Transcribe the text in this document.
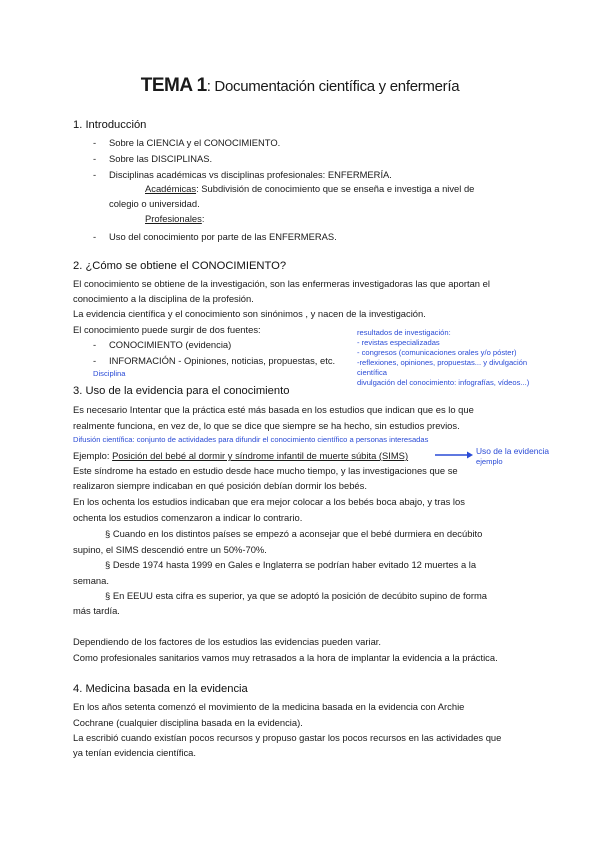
TEMA 1: Documentación científica y enfermería
1. Introducción
- Sobre la CIENCIA y el CONOCIMIENTO.
- Sobre las DISCIPLINAS.
- Disciplinas académicas vs disciplinas profesionales: ENFERMERÍA.
Académicas: Subdivisión de conocimiento que se enseña e investiga a nivel de
colegio o universidad.
Profesionales:
- Uso del conocimiento por parte de las ENFERMERAS.
2. ¿Cómo se obtiene el CONOCIMIENTO?
El conocimiento se obtiene de la investigación, son las enfermeras investigadoras las que aportan el
conocimiento a la disciplina de la profesión.
La evidencia científica y el conocimiento son sinónimos , y nacen de la investigación.
El conocimiento puede surgir de dos fuentes:
- CONOCIMIENTO (evidencia)
- INFORMACIÓN - Opiniones, noticias, propuestas, etc.
Disciplina
resultados de investigación:
- revistas especializadas
- congresos (comunicaciones orales y/o póster)
-reflexiones, opiniones, propuestas... y divulgación
científica
divulgación del conocimiento: infografías, vídeos...)
3. Uso de la evidencia para el conocimiento
Es necesario Intentar que la práctica esté más basada en los estudios que indican que es lo que
realmente funciona, en vez de, lo que se dice que siempre se ha hecho, sin estudios previos.
Difusión científica: conjunto de actividades para difundir el conocimiento científico a personas interesadas
Ejemplo: Posición del bebé al dormir y síndrome infantil de muerte súbita (SIMS)	Uso de la evidencia
ejemplo
Este síndrome ha estado en estudio desde hace mucho tiempo, y las investigaciones que se
realizaron siempre indicaban en qué posición debían dormir los bebés.
En los ochenta los estudios indicaban que era mejor colocar a los bebés boca abajo, y tras los
ochenta los estudios comenzaron a indicar lo contrario.
§ Cuando en los distintos países se empezó a aconsejar que el bebé durmiera en decúbito
supino, el SIMS descendió entre un 50%-70%.
§ Desde 1974 hasta 1999 en Gales e Inglaterra se podrían haber evitado 12 muertes a la
semana.
§ En EEUU esta cifra es superior, ya que se adoptó la posición de decúbito supino de forma
más tardía.
Dependiendo de los factores de los estudios las evidencias pueden variar.
Como profesionales sanitarios vamos muy retrasados a la hora de implantar la evidencia a la práctica.
4. Medicina basada en la evidencia
En los años setenta comenzó el movimiento de la medicina basada en la evidencia con Archie
Cochrane (cualquier disciplina basada en la evidencia).
La escribió cuando existían pocos recursos y propuso gastar los pocos recursos en las actividades que
ya tenían evidencia científica.
